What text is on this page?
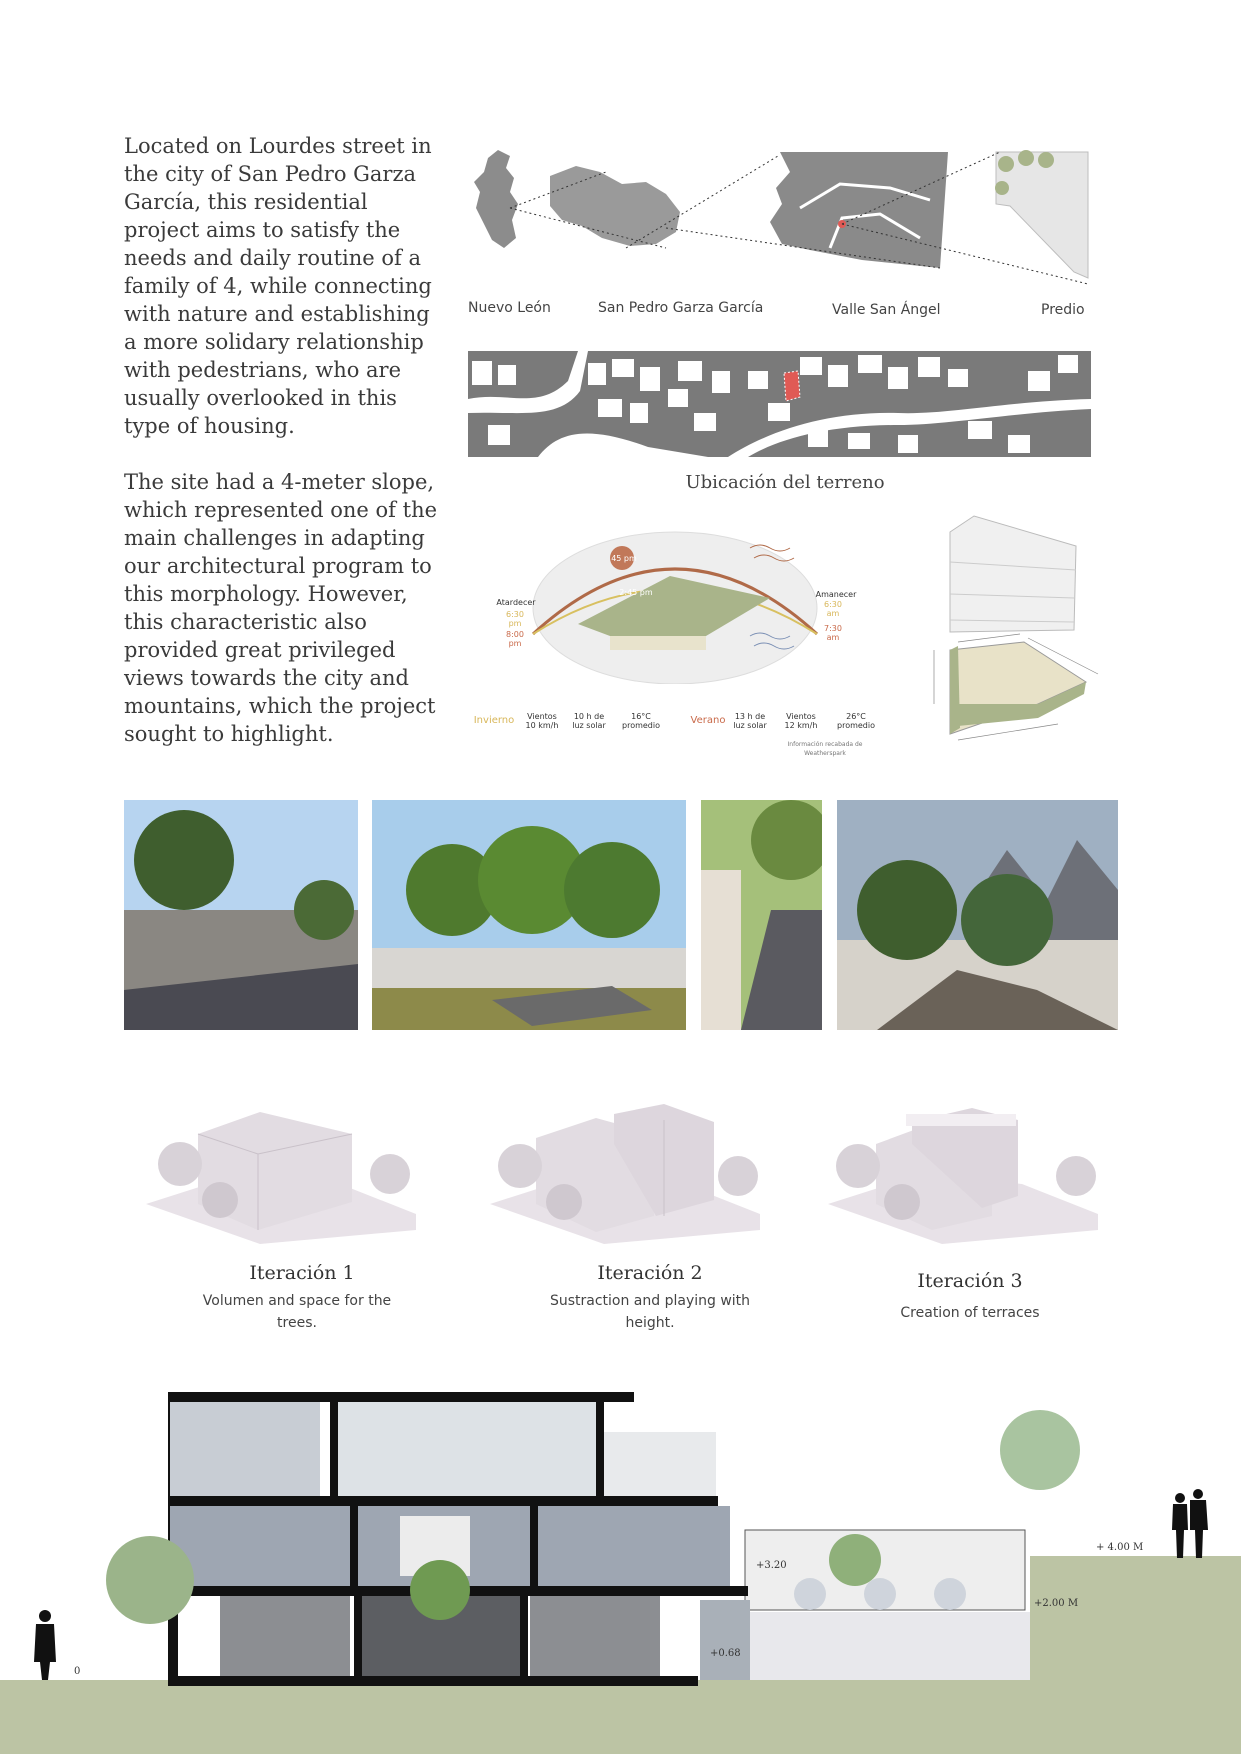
Located on Lourdes street in the city of San Pedro Garza García, this residential project aims to satisfy the needs and daily routine of a family of 4, while connecting with nature and establishing a more solidary relationship with pedestrians, who are usually overlooked in this type of housing.

The site had a 4-meter slope, which represented one of the main challenges in adapting our architectural program to this morphology. However, this characteristic also provided great privileged views towards the city and mountains, which the project sought to highlight.

Nuevo León	San Pedro Garza García	Valle San Ángel	Predio
Ubicación del terreno
Atardecer
6:30 pm
8:00 pm
Amanecer
6:30 am
7:30 am
45 pm
2:45 pm
Invierno	Vientos 10 km/h
10 h de luz solar
16°C promedio	Verano	13 h de luz solar
Vientos 12 km/h
26°C promedio
Información recabada de Weatherspark
Iteración 1
Volumen and space for the trees.
Iteración 2
Sustraction and playing with height.
Iteración 3
Creation of terraces
0
+0.68
+3.20
+2.00 M
+ 4.00 M
